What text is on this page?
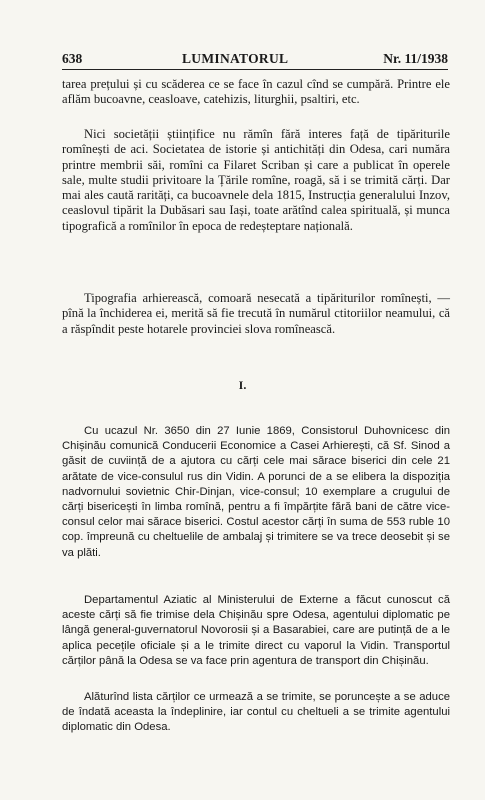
638	LUMINATORUL	Nr. 11/1938

tarea prețului și cu scăderea ce se face în cazul cînd se cumpără. Printre ele aflăm bucoavne, ceasloave, catehizis, liturghii, psaltiri, etc.

Nici societății științifice nu rămîn fără interes față de tipăriturile romînești de aci. Societatea de istorie și antichități din Odesa, cari număra printre membrii săi, romîni ca Filaret Scriban și care a publicat în operele sale, multe studii privitoare la Țările romîne, roagă, să i se trimită cărți. Dar mai ales caută rarități, ca bucoavnele dela 1815, Instrucția generalului Inzov, ceaslovul tipărit la Dubăsari sau Iași, toate arătînd calea spirituală, și munca tipografică a romînilor în epoca de redeșteptare națională.

Tipografia arhierească, comoară nesecată a tipăriturilor romînești, — pînă la închiderea ei, merită să fie trecută în numărul ctitoriilor neamului, că a răspîndit peste hotarele provinciei slova romînească.

I.

Cu ucazul Nr. 3650 din 27 Iunie 1869, Consistorul Duhovnicesc din Chișinău comunică Conducerii Economice a Casei Arhierești, că Sf. Sinod a găsit de cuviință de a ajutora cu cărți cele mai sărace biserici din cele 21 arătate de vice-consulul rus din Vidin. A porunci de a se elibera la dispoziția nadvornului sovietnic Chir-Dinjan, vice-consul; 10 exemplare a crugului de cărți bisericești în limba romînă, pentru a fi împărțite fără bani de către vice-consul celor mai sărace biserici. Costul acestor cărți în suma de 553 ruble 10 cop. împreună cu cheltuelile de ambalaj și trimitere se va trece deosebit și se va plăti.

Departamentul Aziatic al Ministerului de Externe a făcut cunoscut că aceste cărți să fie trimise dela Chișinău spre Odesa, agentului diplomatic pe lângă general-guvernatorul Novorosii și a Basarabiei, care are putință de a le aplica pecețile oficiale și a le trimite direct cu vaporul la Vidin. Transportul cărților până la Odesa se va face prin agentura de transport din Chișinău.

Alăturînd lista cărților ce urmează a se trimite, se poruncește a se aduce de îndată aceasta la îndeplinire, iar contul cu cheltueli a se trimite agentului diplomatic din Odesa.
